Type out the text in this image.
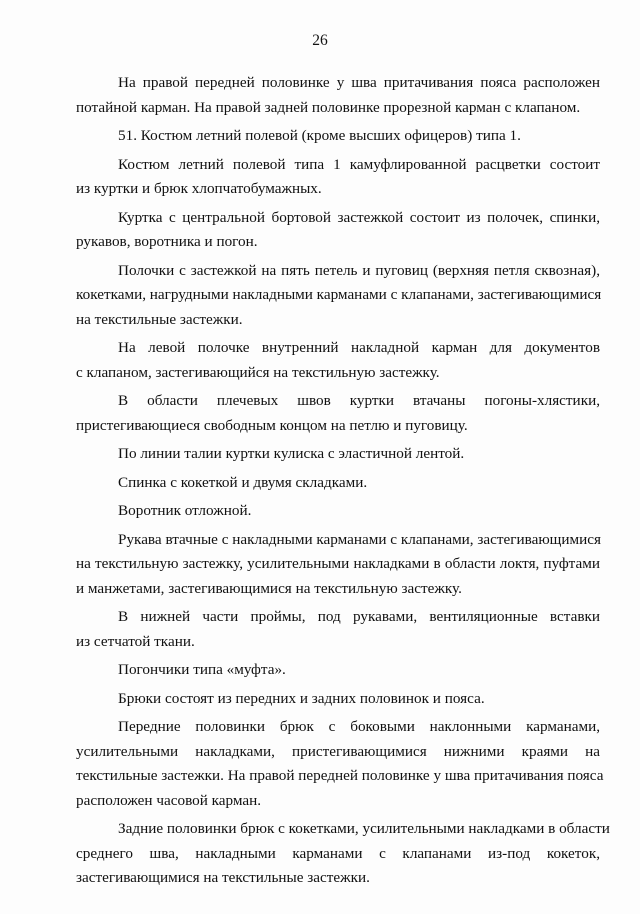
26
На правой передней половинке у шва притачивания пояса расположен
потайной карман. На правой задней половинке прорезной карман с клапаном.
51. Костюм летний полевой (кроме высших офицеров) типа 1.
Костюм летний полевой типа 1 камуфлированной расцветки состоит
из куртки и брюк хлопчатобумажных.
Куртка с центральной бортовой застежкой состоит из полочек, спинки,
рукавов, воротника и погон.
Полочки с застежкой на пять петель и пуговиц (верхняя петля сквозная),
кокетками, нагрудными накладными карманами с клапанами, застегивающимися
на текстильные застежки.
На левой полочке внутренний накладной карман для документов
с клапаном, застегивающийся на текстильную застежку.
В области плечевых швов куртки втачаны погоны-хлястики,
пристегивающиеся свободным концом на петлю и пуговицу.
По линии талии куртки кулиска с эластичной лентой.
Спинка с кокеткой и двумя складками.
Воротник отложной.
Рукава втачные с накладными карманами с клапанами, застегивающимися
на текстильную застежку, усилительными накладками в области локтя, пуфтами
и манжетами, застегивающимися на текстильную застежку.
В нижней части проймы, под рукавами, вентиляционные вставки
из сетчатой ткани.
Погончики типа «муфта».
Брюки состоят из передних и задних половинок и пояса.
Передние половинки брюк с боковыми наклонными карманами,
усилительными накладками, пристегивающимися нижними краями на
текстильные застежки. На правой передней половинке у шва притачивания пояса
расположен часовой карман.
Задние половинки брюк с кокетками, усилительными накладками в области
среднего шва, накладными карманами с клапанами из-под кокеток,
застегивающимися на текстильные застежки.
